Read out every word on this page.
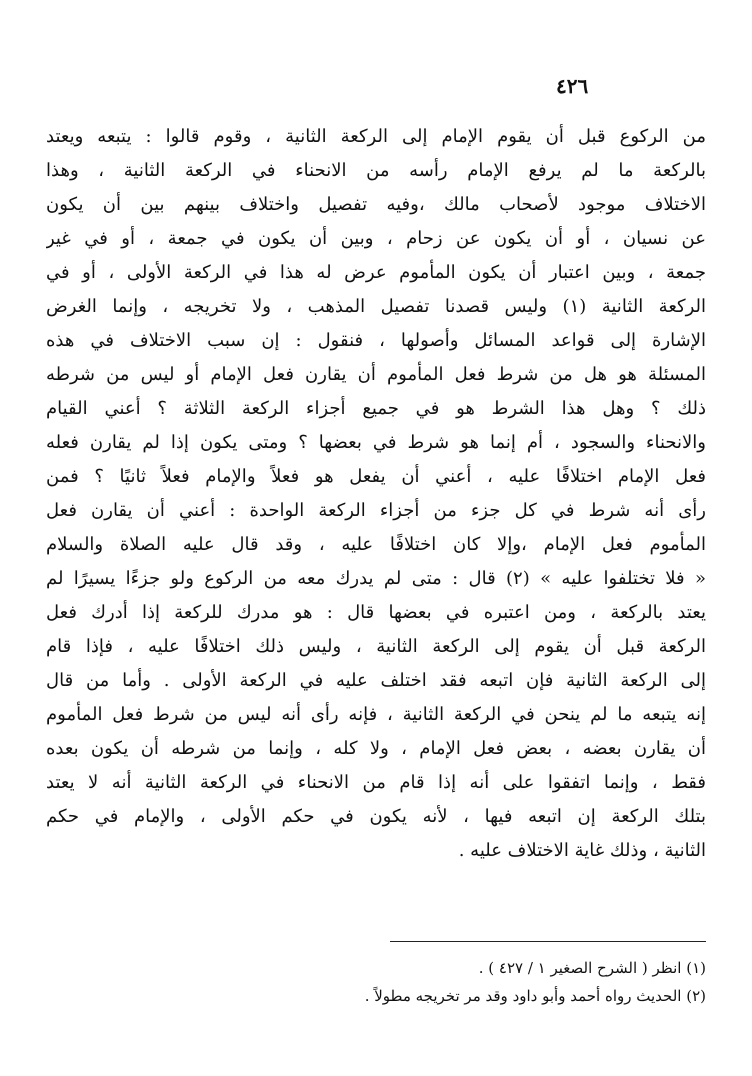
٤٢٦
من الركوع قبل أن يقوم الإمام إلى الركعة الثانية ، وقوم قالوا : يتبعه ويعتد
بالركعة ما لم يرفع الإمام رأسه من الانحناء في الركعة الثانية ، وهذا
الاختلاف موجود لأصحاب مالك ،وفيه تفصيل واختلاف بينهم بين أن يكون
عن نسيان ، أو أن يكون عن زحام ، وبين أن يكون في جمعة ، أو في غير
جمعة ، وبين اعتبار أن يكون المأموم عرض له هذا في الركعة الأولى ، أو في
الركعة الثانية (١) وليس قصدنا تفصيل المذهب ، ولا تخريجه ، وإنما الغرض
الإشارة إلى قواعد المسائل وأصولها ، فنقول : إن سبب الاختلاف في هذه
المسئلة هو هل من شرط فعل المأموم أن يقارن فعل الإمام أو ليس من شرطه
ذلك ؟ وهل هذا الشرط هو في جميع أجزاء الركعة الثلاثة ؟ أعني القيام
والانحناء والسجود ، أم إنما هو شرط في بعضها ؟ ومتى يكون إذا لم يقارن فعله
فعل الإمام اختلافًا عليه ، أعني أن يفعل هو فعلاً والإمام فعلاً ثانيًا ؟ فمن
رأى أنه شرط في كل جزء من أجزاء الركعة الواحدة : أعني أن يقارن فعل
المأموم فعل الإمام ،وإلا كان اختلافًا عليه ، وقد قال عليه الصلاة والسلام
« فلا تختلفوا عليه » (٢) قال : متى لم يدرك معه من الركوع ولو جزءًا يسيرًا لم
يعتد بالركعة ، ومن اعتبره في بعضها قال : هو مدرك للركعة إذا أدرك فعل
الركعة قبل أن يقوم إلى الركعة الثانية ، وليس ذلك اختلافًا عليه ، فإذا قام
إلى الركعة الثانية فإن اتبعه فقد اختلف عليه في الركعة الأولى . وأما من قال
إنه يتبعه ما لم ينحن في الركعة الثانية ، فإنه رأى أنه ليس من شرط فعل المأموم
أن يقارن بعضه ، بعض فعل الإمام ، ولا كله ، وإنما من شرطه أن يكون بعده
فقط ، وإنما اتفقوا على أنه إذا قام من الانحناء في الركعة الثانية أنه لا يعتد
بتلك الركعة إن اتبعه فيها ، لأنه يكون في حكم الأولى ، والإمام في حكم
الثانية ، وذلك غاية الاختلاف عليه .
(١) انظر ( الشرح الصغير ١ / ٤٢٧ ) .
(٢) الحديث رواه أحمد وأبو داود وقد مر تخريجه مطولاً .
